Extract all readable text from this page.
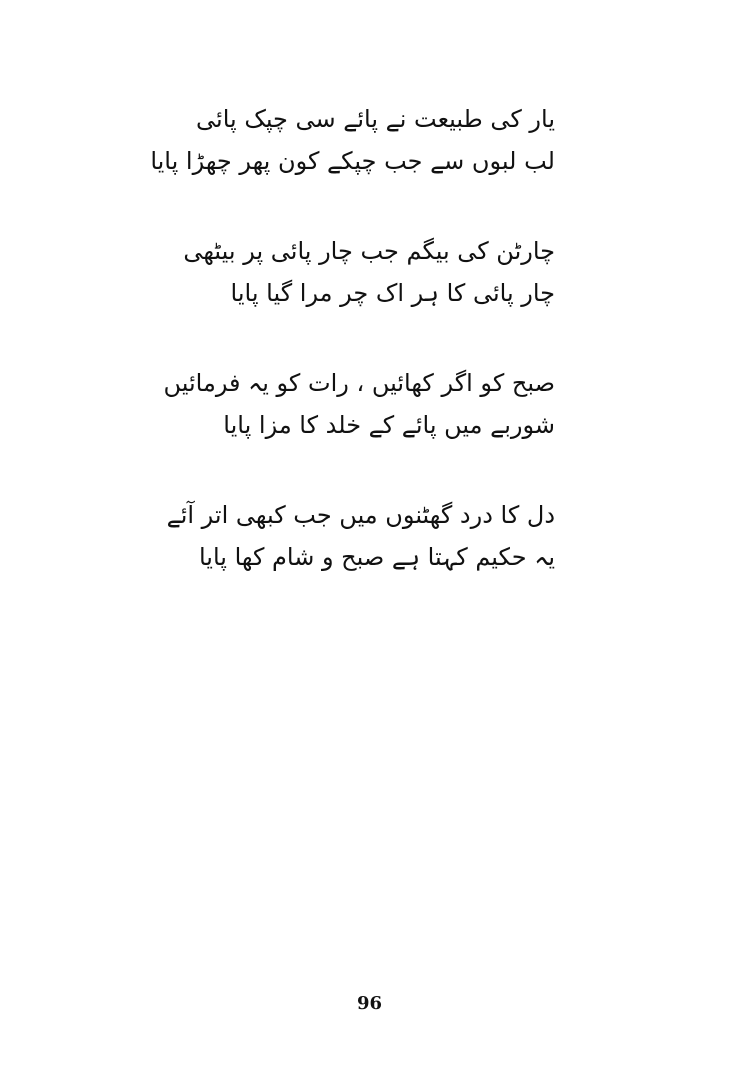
یار کی طبیعت نے پائے سی چپک پائی
لب لبوں سے جب چپکے کون پھر چھڑا پایا
چارٹن کی بیگم جب چار پائی پر بیٹھی
چار پائی کا ہر اک چر مرا گیا پایا
صبح کو اگر کھائیں ، رات کو یہ فرمائیں
شوربے میں پائے کے خلد کا مزا پایا
دل کا درد گھٹنوں میں جب کبھی اتر آئے
یہ حکیم کہتا ہے صبح و شام کھا پایا
96
